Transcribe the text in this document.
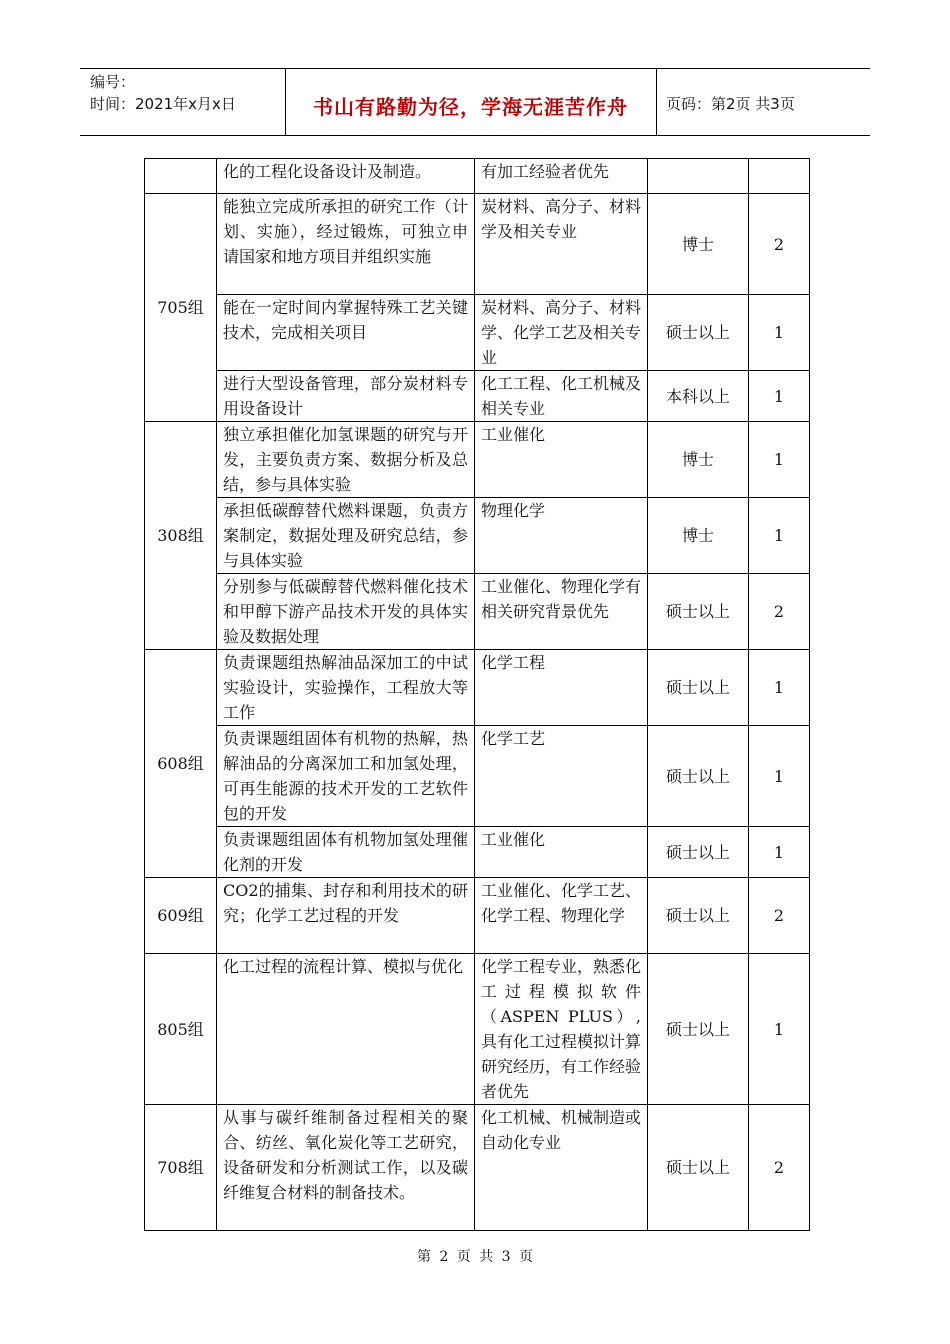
编号：
时间：2021年x月x日	书山有路勤为径，学海无涯苦作舟	页码：第2页 共3页
	化的工程化设备设计及制造。	有加工经验者优先		
705组	能独立完成所承担的研究工作（计划、实施），经过锻炼，可独立申请国家和地方项目并组织实施	炭材料、高分子、材料学及相关专业	博士	2
	能在一定时间内掌握特殊工艺关键技术，完成相关项目	炭材料、高分子、材料学、化学工艺及相关专业	硕士以上	1
	进行大型设备管理，部分炭材料专用设备设计	化工工程、化工机械及相关专业	本科以上	1
308组	独立承担催化加氢课题的研究与开发，主要负责方案、数据分析及总结，参与具体实验	工业催化	博士	1
	承担低碳醇替代燃料课题，负责方案制定，数据处理及研究总结，参与具体实验	物理化学	博士	1
	分别参与低碳醇替代燃料催化技术和甲醇下游产品技术开发的具体实验及数据处理	工业催化、物理化学有相关研究背景优先	硕士以上	2
608组	负责课题组热解油品深加工的中试实验设计，实验操作，工程放大等工作	化学工程	硕士以上	1
	负责课题组固体有机物的热解，热解油品的分离深加工和加氢处理，可再生能源的技术开发的工艺软件包的开发	化学工艺	硕士以上	1
	负责课题组固体有机物加氢处理催化剂的开发	工业催化	硕士以上	1
609组	CO2的捕集、封存和利用技术的研究；化学工艺过程的开发	工业催化、化学工艺、化学工程、物理化学	硕士以上	2
805组	化工过程的流程计算、模拟与优化	化学工程专业，熟悉化工过程模拟软件（ASPEN PLUS）,具有化工过程模拟计算研究经历，有工作经验者优先	硕士以上	1
708组	从事与碳纤维制备过程相关的聚合、纺丝、氧化炭化等工艺研究，设备研发和分析测试工作，以及碳纤维复合材料的制备技术。	化工机械、机械制造或自动化专业	硕士以上	2
第 2 页 共 3 页
